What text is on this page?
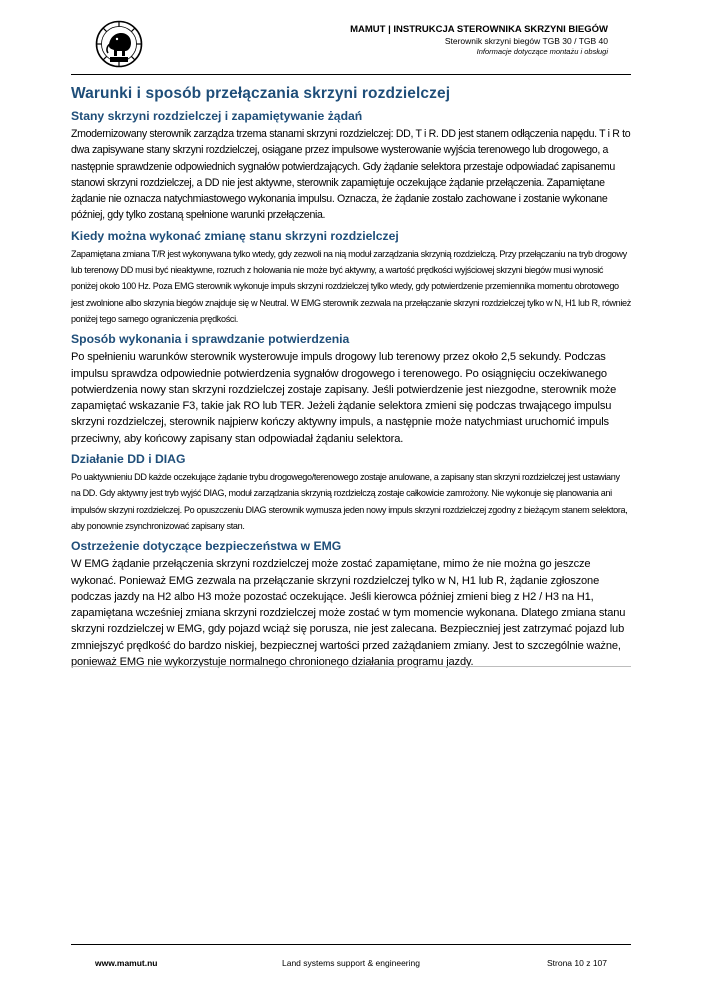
MAMUT | INSTRUKCJA STEROWNIKA SKRZYNI BIEGÓW
Sterownik skrzyni biegów TGB 30 / TGB 40
Informacje dotyczące montażu i obsługi
Warunki i sposób przełączania skrzyni rozdzielczej
Stany skrzyni rozdzielczej i zapamiętywanie żądań

Zmodernizowany sterownik zarządza trzema stanami skrzyni rozdzielczej: DD, T i R. DD jest stanem odłączenia napędu. T i R to dwa zapisywane stany skrzyni rozdzielczej, osiągane przez impulsowe wysterowanie wyjścia terenowego lub drogowego, a następnie sprawdzenie odpowiednich sygnałów potwierdzających. Gdy żądanie selektora przestaje odpowiadać zapisanemu stanowi skrzyni rozdzielczej, a DD nie jest aktywne, sterownik zapamiętuje oczekujące żądanie przełączenia. Zapamiętane żądanie nie oznacza natychmiastowego wykonania impulsu. Oznacza, że żądanie zostało zachowane i zostanie wykonane później, gdy tylko zostaną spełnione warunki przełączenia.

Kiedy można wykonać zmianę stanu skrzyni rozdzielczej

Zapamiętana zmiana T/R jest wykonywana tylko wtedy, gdy zezwoli na nią moduł zarządzania skrzynią rozdzielczą. Przy przełączaniu na tryb drogowy lub terenowy DD musi być nieaktywne, rozruch z holowania nie może być aktywny, a wartość prędkości wyjściowej skrzyni biegów musi wynosić poniżej około 100 Hz. Poza EMG sterownik wykonuje impuls skrzyni rozdzielczej tylko wtedy, gdy potwierdzenie przemiennika momentu obrotowego jest zwolnione albo skrzynia biegów znajduje się w Neutral. W EMG sterownik zezwala na przełączanie skrzyni rozdzielczej tylko w N, H1 lub R, również poniżej tego samego ograniczenia prędkości.

Sposób wykonania i sprawdzanie potwierdzenia

Po spełnieniu warunków sterownik wysterowuje impuls drogowy lub terenowy przez około 2,5 sekundy. Podczas impulsu sprawdza odpowiednie potwierdzenia sygnałów drogowego i terenowego. Po osiągnięciu oczekiwanego potwierdzenia nowy stan skrzyni rozdzielczej zostaje zapisany. Jeśli potwierdzenie jest niezgodne, sterownik może zapamiętać wskazanie F3, takie jak RO lub TER. Jeżeli żądanie selektora zmieni się podczas trwającego impulsu skrzyni rozdzielczej, sterownik najpierw kończy aktywny impuls, a następnie może natychmiast uruchomić impuls przeciwny, aby końcowy zapisany stan odpowiadał żądaniu selektora.

Działanie DD i DIAG

Po uaktywnieniu DD każde oczekujące żądanie trybu drogowego/terenowego zostaje anulowane, a zapisany stan skrzyni rozdzielczej jest ustawiany na DD. Gdy aktywny jest tryb wyjść DIAG, moduł zarządzania skrzynią rozdzielczą zostaje całkowicie zamrożony. Nie wykonuje się planowania ani impulsów skrzyni rozdzielczej. Po opuszczeniu DIAG sterownik wymusza jeden nowy impuls skrzyni rozdzielczej zgodny z bieżącym stanem selektora, aby ponownie zsynchronizować zapisany stan.

Ostrzeżenie dotyczące bezpieczeństwa w EMG

W EMG żądanie przełączenia skrzyni rozdzielczej może zostać zapamiętane, mimo że nie można go jeszcze wykonać. Ponieważ EMG zezwala na przełączanie skrzyni rozdzielczej tylko w N, H1 lub R, żądanie zgłoszone podczas jazdy na H2 albo H3 może pozostać oczekujące. Jeśli kierowca później zmieni bieg z H2 / H3 na H1, zapamiętana wcześniej zmiana skrzyni rozdzielczej może zostać w tym momencie wykonana. Dlatego zmiana stanu skrzyni rozdzielczej w EMG, gdy pojazd wciąż się porusza, nie jest zalecana. Bezpieczniej jest zatrzymać pojazd lub zmniejszyć prędkość do bardzo niskiej, bezpiecznej wartości przed zażądaniem zmiany. Jest to szczególnie ważne, ponieważ EMG nie wykorzystuje normalnego chronionego działania programu jazdy.

www.mamut.nu	Land systems support & engineering	Strona 10 z 107
